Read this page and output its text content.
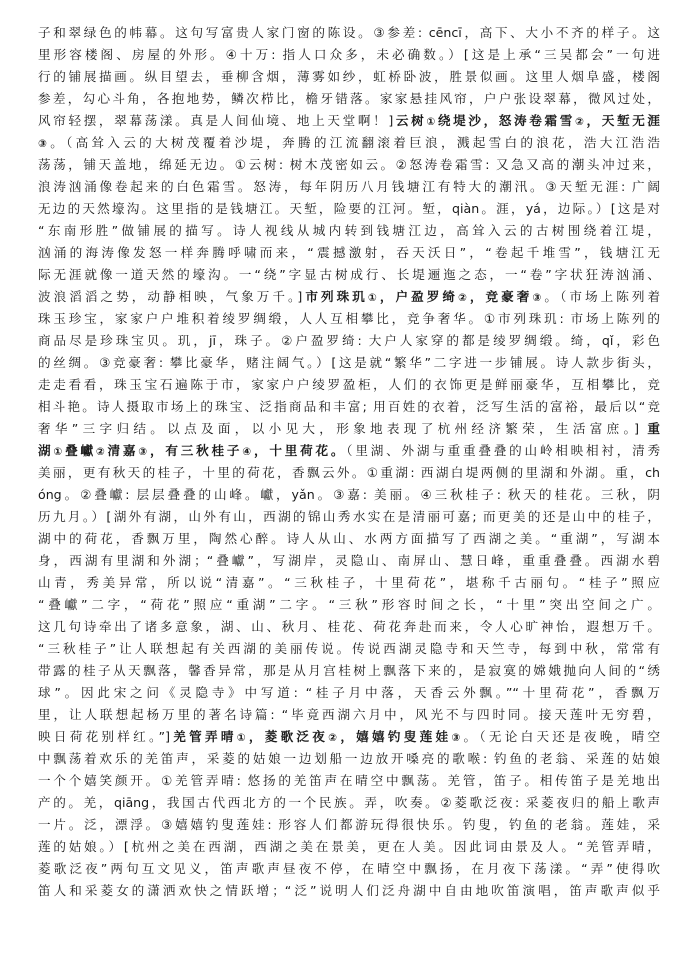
子和翠绿色的帏幕。这句写富贵人家门窗的陈设。③参差: cēncī，高下、大小不齐的样子。这
里形容楼阁、房屋的外形。④十万: 指人口众多，未必确数。）[这是上承“三吴都会”一句进
行的铺展描画。纵目望去，垂柳含烟，薄雾如纱，虹桥卧波，胜景似画。这里人烟阜盛，楼阁
参差，勾心斗角，各抱地势，鳞次栉比，檐牙错落。家家悬挂风帘，户户张设翠幕，微风过处，
风帘轻摆，翠幕荡漾。真是人间仙境、地上天堂啊！]云树①绕堤沙，怒涛卷霜雪②，天堑无涯
③。（高耸入云的大树茂覆着沙堤，奔腾的江流翻滚着巨浪，溅起雪白的浪花，浩大江浩浩
荡荡，铺天盖地，绵延无边。①云树: 树木茂密如云。②怒涛卷霜雪: 又急又高的潮头冲过来，
浪涛汹涌像卷起来的白色霜雪。怒涛，每年阴历八月钱塘江有特大的潮汛。③天堑无涯: 广阔
无边的天然壕沟。这里指的是钱塘江。天堑，险要的江河。堑，qiàn。涯，yá，边际。）[这是对
“东南形胜”做铺展的描写。诗人视线从城内转到钱塘江边，高耸入云的古树围绕着江堤，
汹涌的海涛像发怒一样奔腾呼啸而来，“震撼激射，吞天沃日”，“卷起千堆雪”，钱塘江无
际无涯就像一道天然的壕沟。一“绕”字显古树成行、长堤逦迤之态，一“卷”字状狂涛汹涌、
波浪滔滔之势，动静相映，气象万千。]市列珠玑①，户盈罗绮②，竞豪奢③。（市场上陈列着
珠玉珍宝，家家户户堆积着绫罗绸缎，人人互相攀比，竞争奢华。①市列珠玑: 市场上陈列的
商品尽是珍珠宝贝。玑，jī，珠子。②户盈罗绮: 大户人家穿的都是绫罗绸缎。绮，qǐ，彩色
的丝绸。③竞豪奢: 攀比豪华，赌注阔气。）[这是就“繁华”二字进一步铺展。诗人款步街头，
走走看看，珠玉宝石遍陈于市，家家户户绫罗盈柜，人们的衣饰更是鲜丽豪华，互相攀比，竞
相斗艳。诗人摄取市场上的珠宝、泛指商品和丰富; 用百姓的衣着，泛写生活的富裕，最后以“竞
奢华”三字归结。以点及面，以小见大，形象地表现了杭州经济繁荣，生活富庶。] 重
湖①叠巘②清嘉③，有三秋桂子④，十里荷花。（里湖、外湖与重重叠叠的山岭相映相衬，清秀
美丽，更有秋天的桂子，十里的荷花，香飘云外。①重湖: 西湖白堤两侧的里湖和外湖。重，ch
óng。②叠巘: 层层叠叠的山峰。巘，yǎn。③嘉: 美丽。④三秋桂子: 秋天的桂花。三秋，阴
历九月。）[湖外有湖，山外有山，西湖的锦山秀水实在是清丽可嘉; 而更美的还是山中的桂子，
湖中的荷花，香飘万里，陶然心醉。诗人从山、水两方面描写了西湖之美。“重湖”，写湖本
身，西湖有里湖和外湖；“叠巘”，写湖岸，灵隐山、南屏山、慧日峰，重重叠叠。西湖水碧
山青，秀美异常，所以说“清嘉”。“三秋桂子，十里荷花”，堪称千古丽句。“桂子”照应
“叠巘”二字，“荷花”照应“重湖”二字。“三秋”形容时间之长，“十里”突出空间之广。
这几句诗牵出了诸多意象，湖、山、秋月、桂花、荷花奔赴而来，令人心旷神怡，遐想万千。
“三秋桂子”让人联想起有关西湖的美丽传说。传说西湖灵隐寺和天竺寺，每到中秋，常常有
带露的桂子从天飘落，馨香异常，那是从月宫桂树上飘落下来的，是寂寞的嫦娥抛向人间的“绣
球”。因此宋之问《灵隐寺》中写道: “桂子月中落，天香云外飘。”“十里荷花”，香飘万
里，让人联想起杨万里的著名诗篇: “毕竟西湖六月中，风光不与四时同。接天莲叶无穷碧，
映日荷花别样红。”]羌管弄晴①，菱歌泛夜②，嬉嬉钓叟莲娃③。（无论白天还是夜晚，晴空
中飘荡着欢乐的羌笛声，采菱的姑娘一边划船一边放开嗓亮的歌喉: 钓鱼的老翁、采莲的姑娘
一个个嬉笑颜开。①羌管弄晴: 悠扬的羌笛声在晴空中飘荡。羌管，笛子。相传笛子是羌地出
产的。羌，qiāng，我国古代西北方的一个民族。弄，吹奏。②菱歌泛夜: 采菱夜归的船上歌声
一片。泛，漂浮。③嬉嬉钓叟莲娃: 形容人们都游玩得很快乐。钓叟，钓鱼的老翁。莲娃，采
莲的姑娘。）[杭州之美在西湖，西湖之美在景美，更在人美。因此词由景及人。“羌管弄晴，
菱歌泛夜”两句互文见义，笛声歌声昼夜不停，在晴空中飘扬，在月夜下荡漾。“弄”使得吹
笛人和采菱女的潇洒欢快之情跃增；“泛”说明人们泛舟湖中自由地吹笛演唱，笛声歌声似乎
